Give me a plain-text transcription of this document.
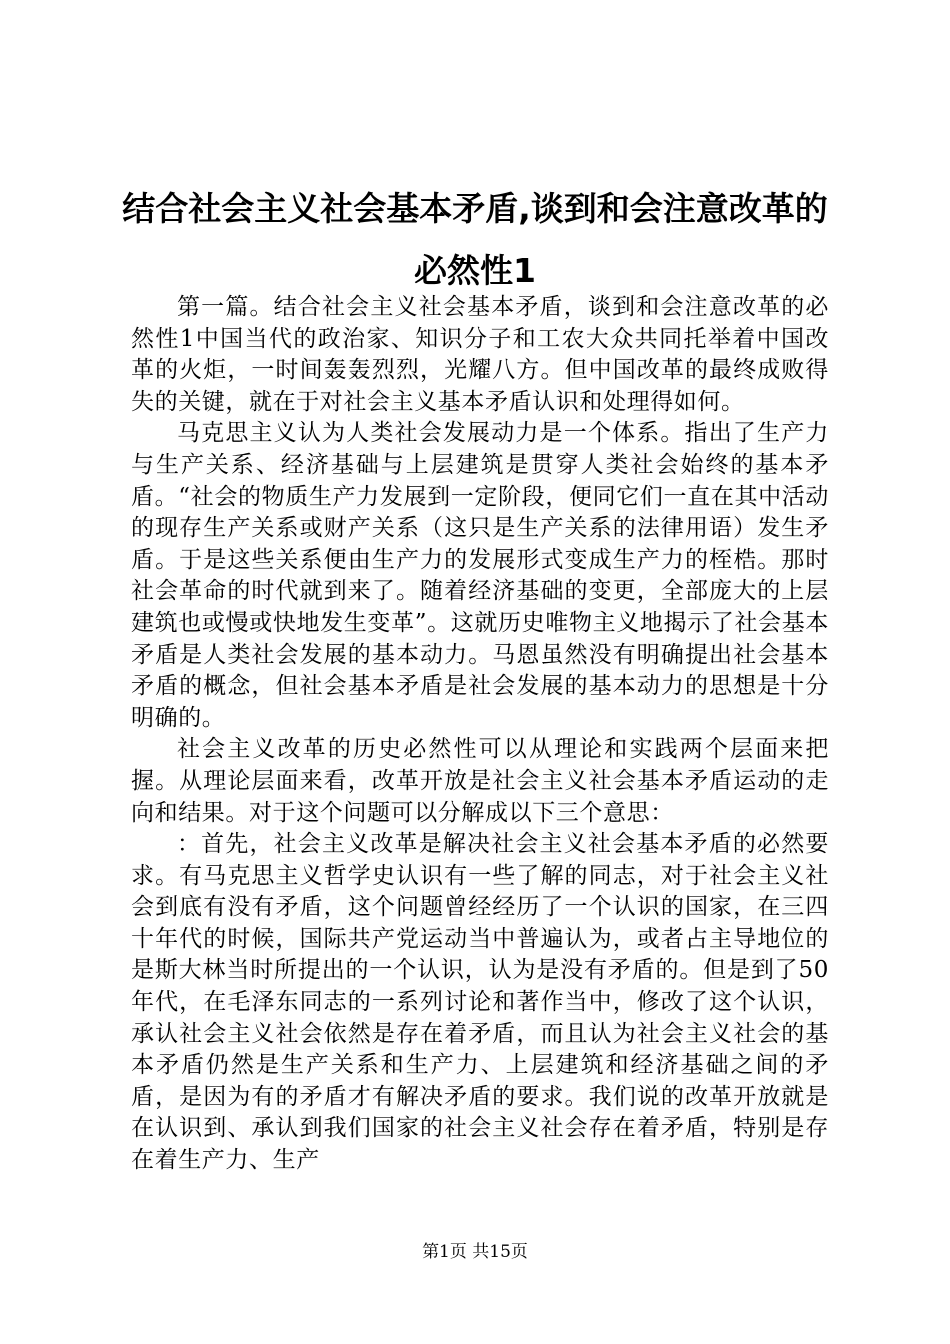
结合社会主义社会基本矛盾,谈到和会注意改革的必然性1

第一篇。结合社会主义社会基本矛盾，谈到和会注意改革的必然性1中国当代的政治家、知识分子和工农大众共同托举着中国改革的火炬，一时间轰轰烈烈，光耀八方。但中国改革的最终成败得失的关键，就在于对社会主义基本矛盾认识和处理得如何。

马克思主义认为人类社会发展动力是一个体系。指出了生产力与生产关系、经济基础与上层建筑是贯穿人类社会始终的基本矛盾。“社会的物质生产力发展到一定阶段，便同它们一直在其中活动的现存生产关系或财产关系（这只是生产关系的法律用语）发生矛盾。于是这些关系便由生产力的发展形式变成生产力的桎梏。那时社会革命的时代就到来了。随着经济基础的变更，全部庞大的上层建筑也或慢或快地发生变革”。这就历史唯物主义地揭示了社会基本矛盾是人类社会发展的基本动力。马恩虽然没有明确提出社会基本矛盾的概念，但社会基本矛盾是社会发展的基本动力的思想是十分明确的。

社会主义改革的历史必然性可以从理论和实践两个层面来把握。从理论层面来看，改革开放是社会主义社会基本矛盾运动的走向和结果。对于这个问题可以分解成以下三个意思：

：首先，社会主义改革是解决社会主义社会基本矛盾的必然要求。有马克思主义哲学史认识有一些了解的同志，对于社会主义社会到底有没有矛盾，这个问题曾经经历了一个认识的国家，在三四十年代的时候，国际共产党运动当中普遍认为，或者占主导地位的是斯大林当时所提出的一个认识，认为是没有矛盾的。但是到了50年代，在毛泽东同志的一系列讨论和著作当中，修改了这个认识，承认社会主义社会依然是存在着矛盾，而且认为社会主义社会的基本矛盾仍然是生产关系和生产力、上层建筑和经济基础之间的矛盾，是因为有的矛盾才有解决矛盾的要求。我们说的改革开放就是在认识到、承认到我们国家的社会主义社会存在着矛盾，特别是存在着生产力、生产

第1页 共15页
